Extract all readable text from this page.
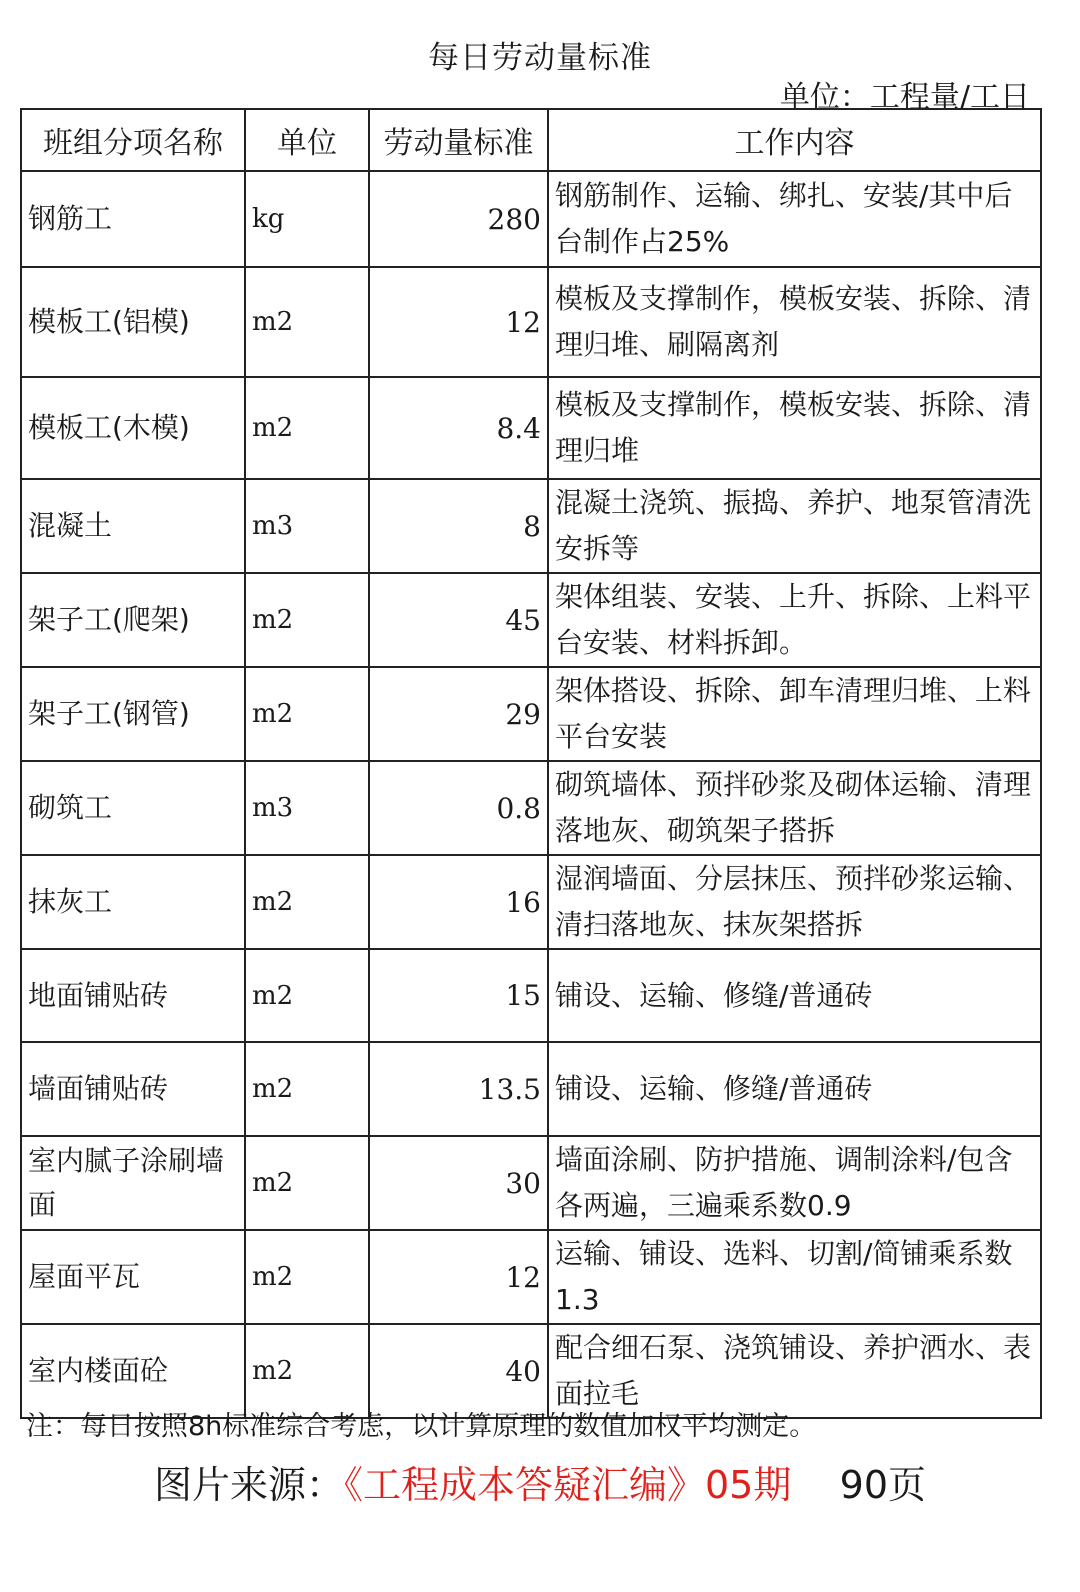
每日劳动量标准
单位：工程量/工日
班组分项名称	单位	劳动量标准	工作内容
钢筋工	kg	280	钢筋制作、运输、绑扎、安装/其中后台制作占25%
模板工(铝模)	m2	12	模板及支撑制作，模板安装、拆除、清理归堆、刷隔离剂
模板工(木模)	m2	8.4	模板及支撑制作，模板安装、拆除、清理归堆
混凝土	m3	8	混凝土浇筑、振捣、养护、地泵管清洗安拆等
架子工(爬架)	m2	45	架体组装、安装、上升、拆除、上料平台安装、材料拆卸。
架子工(钢管)	m2	29	架体搭设、拆除、卸车清理归堆、上料平台安装
砌筑工	m3	0.8	砌筑墙体、预拌砂浆及砌体运输、清理落地灰、砌筑架子搭拆
抹灰工	m2	16	湿润墙面、分层抹压、预拌砂浆运输、清扫落地灰、抹灰架搭拆
地面铺贴砖	m2	15	铺设、运输、修缝/普通砖
墙面铺贴砖	m2	13.5	铺设、运输、修缝/普通砖
室内腻子涂刷墙面	m2	30	墙面涂刷、防护措施、调制涂料/包含各两遍，三遍乘系数0.9
屋面平瓦	m2	12	运输、铺设、选料、切割/简铺乘系数1.3
室内楼面砼	m2	40	配合细石泵、浇筑铺设、养护洒水、表面拉毛
注：每日按照8h标准综合考虑，以计算原理的数值加权平均测定。
图片来源：《工程成本答疑汇编》05期 90页
